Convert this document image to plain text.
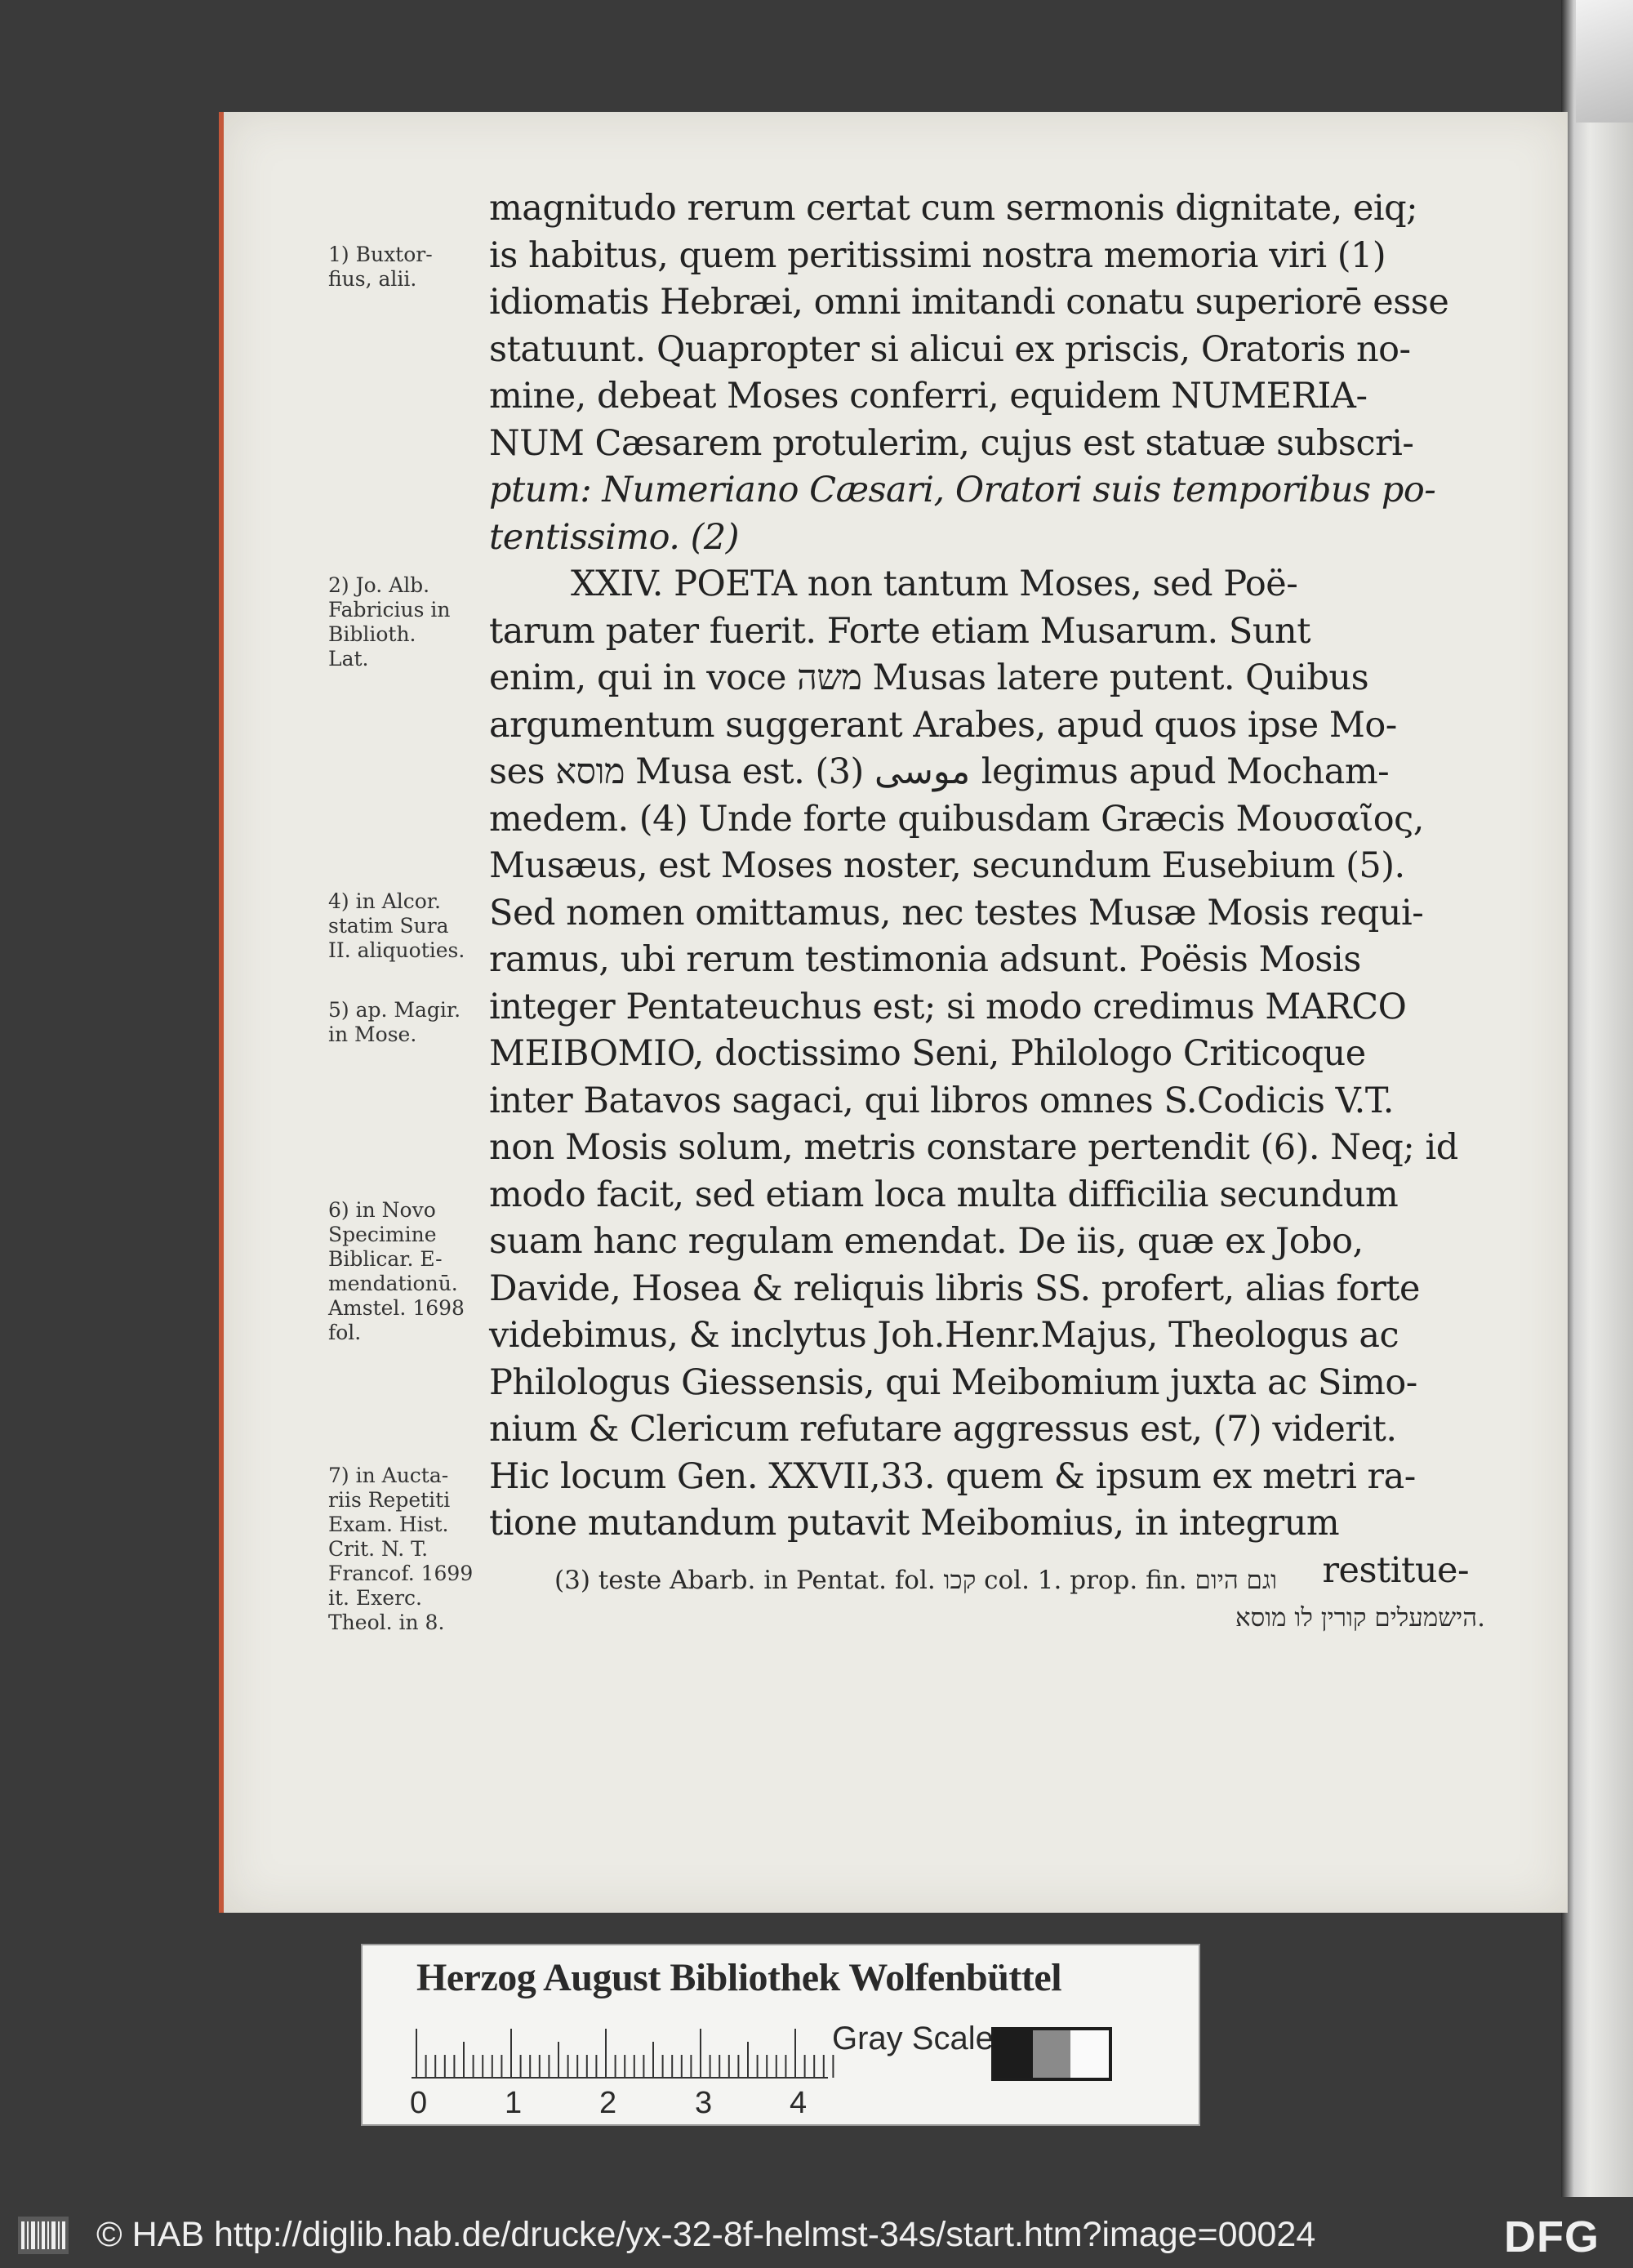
1) Buxtor-
fius, alii.
2) Jo. Alb.
Fabricius in
Biblioth.
Lat.
4) in Alcor.
statim Sura
II. aliquoties.
5) ap. Magir.
in Mose.
6) in Novo
Specimine
Biblicar. E-
mendationū.
Amstel. 1698
fol.
7) in Aucta-
riis Repetiti
Exam. Hist.
Crit. N. T.
Francof. 1699
it. Exerc.
Theol. in 8.
magnitudo rerum certat cum sermonis dignitate, eiq;
is habitus, quem peritissimi nostra memoria viri (1)
idiomatis Hebræi, omni imitandi conatu superiorē esse
statuunt. Quapropter si alicui ex priscis, Oratoris no-
mine, debeat Moses conferri, equidem NUMERIA-
NUM Cæsarem protulerim, cujus est statuæ subscri-
ptum: Numeriano Cæsari, Oratori suis temporibus po-
tentissimo. (2)
XXIV. POETA non tantum Moses, sed Poë-
tarum pater fuerit. Forte etiam Musarum. Sunt
enim, qui in voce משה Musas latere putent. Quibus
argumentum suggerant Arabes, apud quos ipse Mo-
ses מוסא Musa est. (3) موسى legimus apud Mocham-
medem. (4) Unde forte quibusdam Græcis Μουσαῖος,
Musæus, est Moses noster, secundum Eusebium (5).
Sed nomen omittamus, nec testes Musæ Mosis requi-
ramus, ubi rerum testimonia adsunt. Poësis Mosis
integer Pentateuchus est; si modo credimus MARCO
MEIBOMIO, doctissimo Seni, Philologo Criticoque
inter Batavos sagaci, qui libros omnes S.Codicis V.T.
non Mosis solum, metris constare pertendit (6). Neq; id
modo facit, sed etiam loca multa difficilia secundum
suam hanc regulam emendat. De iis, quæ ex Jobo,
Davide, Hosea & reliquis libris SS. profert, alias forte
videbimus, & inclytus Joh.Henr.Majus, Theologus ac
Philologus Giessensis, qui Meibomium juxta ac Simo-
nium & Clericum refutare aggressus est, (7) viderit.
Hic locum Gen. XXVII,33. quem & ipsum ex metri ra-
tione mutandum putavit Meibomius, in integrum
restitue-
(3) teste Abarb. in Pentat. fol. קכו col. 1. prop. fin. וגם היום
הישמעלים קורין לו מוסא.
Herzog August Bibliothek Wolfenbüttel
0 1 2	3 4
Gray Scale
© HAB http://diglib.hab.de/drucke/yx-32-8f-helmst-34s/start.htm?image=00024	DFG
